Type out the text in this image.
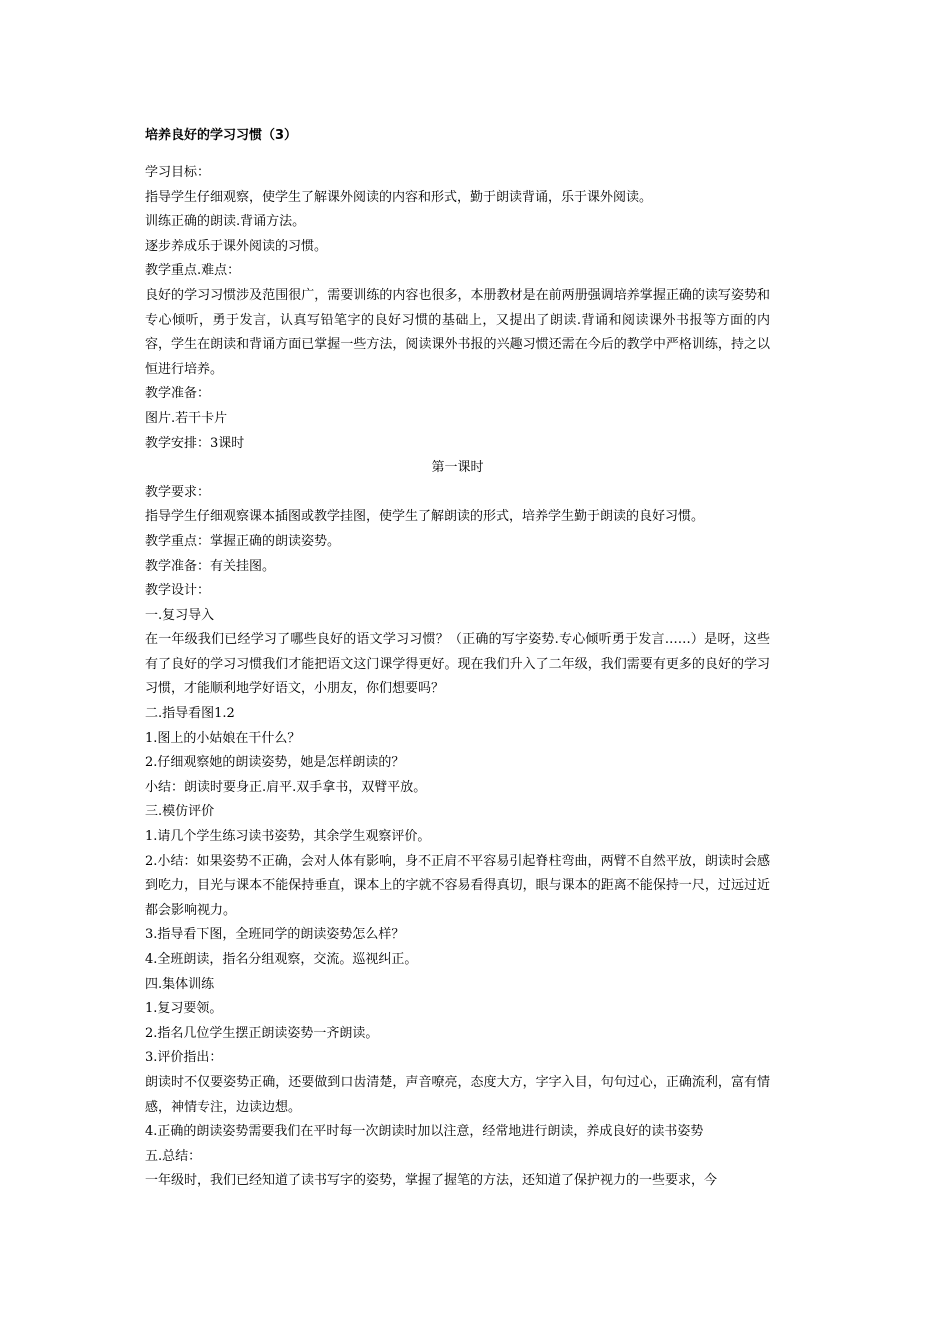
培养良好的学习习惯（3）
学习目标：
指导学生仔细观察，使学生了解课外阅读的内容和形式，勤于朗读背诵，乐于课外阅读。
训练正确的朗读.背诵方法。
逐步养成乐于课外阅读的习惯。
教学重点.难点：
良好的学习习惯涉及范围很广，需要训练的内容也很多，本册教材是在前两册强调培养掌握正确的读写姿势和专心倾听，勇于发言，认真写铅笔字的良好习惯的基础上，又提出了朗读.背诵和阅读课外书报等方面的内容，学生在朗读和背诵方面已掌握一些方法，阅读课外书报的兴趣习惯还需在今后的教学中严格训练，持之以恒进行培养。
教学准备：
图片.若干卡片
教学安排：3课时
第一课时
教学要求：
指导学生仔细观察课本插图或教学挂图，使学生了解朗读的形式，培养学生勤于朗读的良好习惯。
教学重点：掌握正确的朗读姿势。
教学准备：有关挂图。
教学设计：
一.复习导入
在一年级我们已经学习了哪些良好的语文学习习惯？（正确的写字姿势.专心倾听勇于发言……）是呀，这些有了良好的学习习惯我们才能把语文这门课学得更好。现在我们升入了二年级，我们需要有更多的良好的学习习惯，才能顺利地学好语文，小朋友，你们想要吗？
二.指导看图1.2
1.图上的小姑娘在干什么？
2.仔细观察她的朗读姿势，她是怎样朗读的？
小结：朗读时要身正.肩平.双手拿书，双臂平放。
三.模仿评价
1.请几个学生练习读书姿势，其余学生观察评价。
2.小结：如果姿势不正确，会对人体有影响，身不正肩不平容易引起脊柱弯曲，两臂不自然平放，朗读时会感到吃力，目光与课本不能保持垂直，课本上的字就不容易看得真切，眼与课本的距离不能保持一尺，过远过近都会影响视力。
3.指导看下图，全班同学的朗读姿势怎么样？
4.全班朗读，指名分组观察，交流。巡视纠正。
四.集体训练
1.复习要领。
2.指名几位学生摆正朗读姿势一齐朗读。
3.评价指出：
朗读时不仅要姿势正确，还要做到口齿清楚，声音嘹亮，态度大方，字字入目，句句过心，正确流利，富有情感，神情专注，边读边想。
4.正确的朗读姿势需要我们在平时每一次朗读时加以注意，经常地进行朗读，养成良好的读书姿势
五.总结：
一年级时，我们已经知道了读书写字的姿势，掌握了握笔的方法，还知道了保护视力的一些要求，今
